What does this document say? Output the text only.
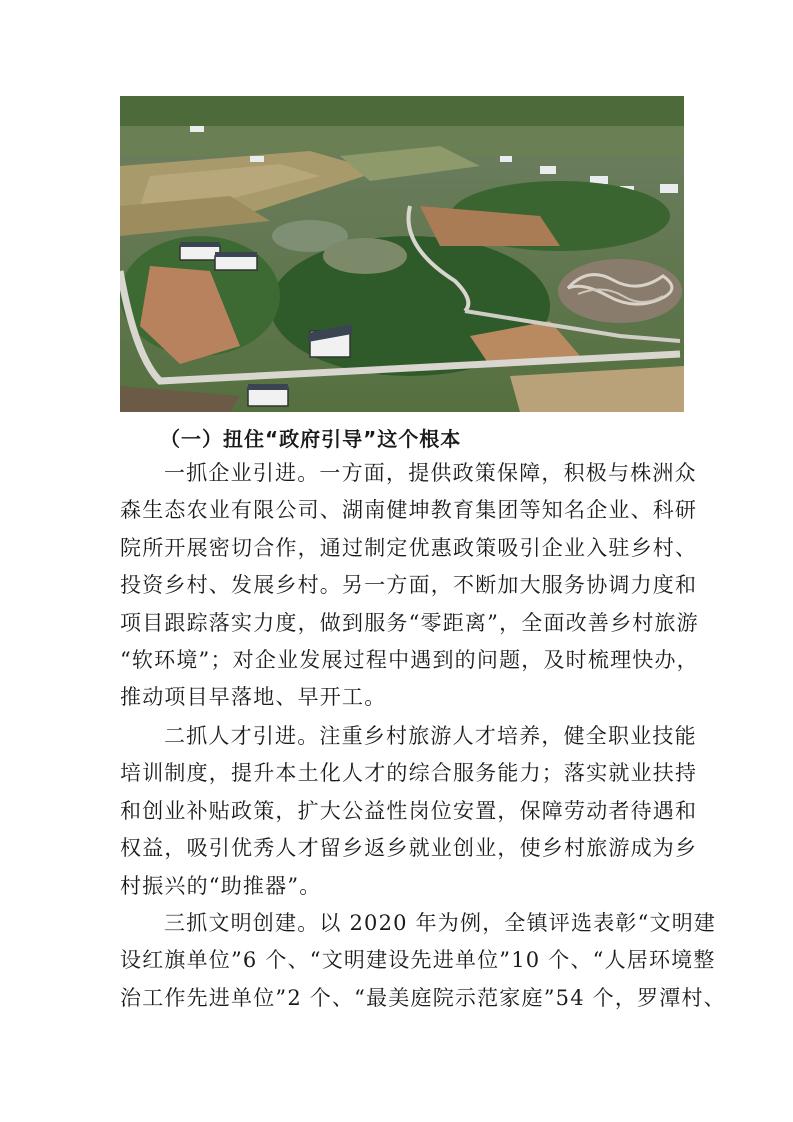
（一）扭住“政府引导”这个根本
一抓企业引进。一方面，提供政策保障，积极与株洲众
森生态农业有限公司、湖南健坤教育集团等知名企业、科研
院所开展密切合作，通过制定优惠政策吸引企业入驻乡村、
投资乡村、发展乡村。另一方面，不断加大服务协调力度和
项目跟踪落实力度，做到服务“零距离”，全面改善乡村旅游
“软环境”；对企业发展过程中遇到的问题，及时梳理快办，
推动项目早落地、早开工。
二抓人才引进。注重乡村旅游人才培养，健全职业技能
培训制度，提升本土化人才的综合服务能力；落实就业扶持
和创业补贴政策，扩大公益性岗位安置，保障劳动者待遇和
权益，吸引优秀人才留乡返乡就业创业，使乡村旅游成为乡
村振兴的“助推器”。
三抓文明创建。以 2020 年为例，全镇评选表彰“文明建
设红旗单位”6 个、“文明建设先进单位”10 个、“人居环境整
治工作先进单位”2 个、“最美庭院示范家庭”54 个，罗潭村、
